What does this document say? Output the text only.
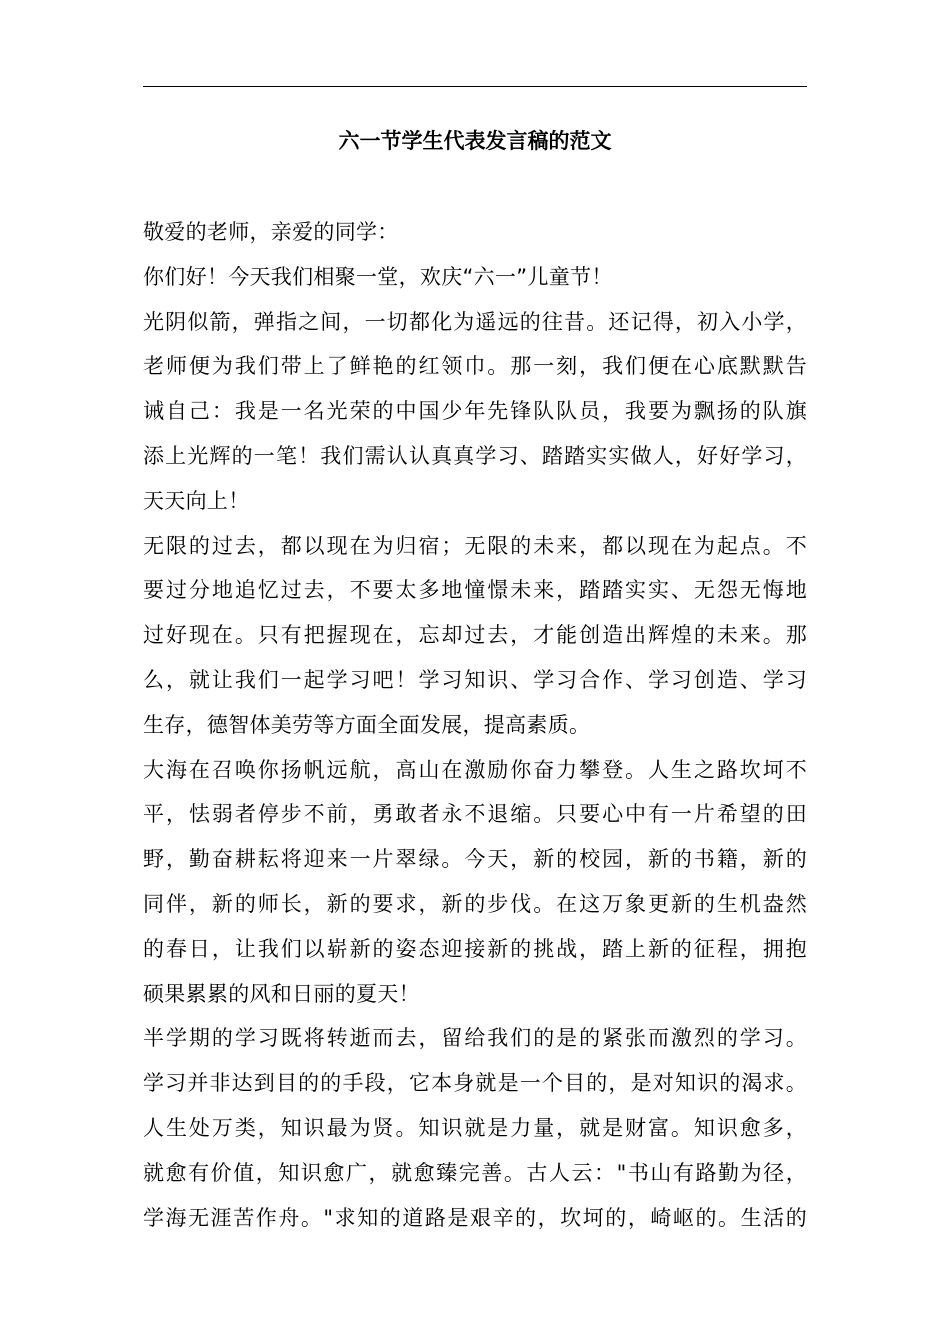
六一节学生代表发言稿的范文
敬爱的老师，亲爱的同学：
你们好！今天我们相聚一堂，欢庆“六一”儿童节！
光阴似箭，弹指之间，一切都化为遥远的往昔。还记得，初入小学，
老师便为我们带上了鲜艳的红领巾。那一刻，我们便在心底默默告
诫自己：我是一名光荣的中国少年先锋队队员，我要为飘扬的队旗
添上光辉的一笔！我们需认认真真学习、踏踏实实做人，好好学习，
天天向上！
无限的过去，都以现在为归宿；无限的未来，都以现在为起点。不
要过分地追忆过去，不要太多地憧憬未来，踏踏实实、无怨无悔地
过好现在。只有把握现在，忘却过去，才能创造出辉煌的未来。那
么，就让我们一起学习吧！学习知识、学习合作、学习创造、学习
生存，德智体美劳等方面全面发展，提高素质。
大海在召唤你扬帆远航，高山在激励你奋力攀登。人生之路坎坷不
平，怯弱者停步不前，勇敢者永不退缩。只要心中有一片希望的田
野，勤奋耕耘将迎来一片翠绿。今天，新的校园，新的书籍，新的
同伴，新的师长，新的要求，新的步伐。在这万象更新的生机盎然
的春日，让我们以崭新的姿态迎接新的挑战，踏上新的征程，拥抱
硕果累累的风和日丽的夏天！
半学期的学习既将转逝而去，留给我们的是的紧张而激烈的学习。
学习并非达到目的的手段，它本身就是一个目的，是对知识的渴求。
人生处万类，知识最为贤。知识就是力量，就是财富。知识愈多，
就愈有价值，知识愈广，就愈臻完善。古人云："书山有路勤为径，
学海无涯苦作舟。"求知的道路是艰辛的，坎坷的，崎岖的。生活的
